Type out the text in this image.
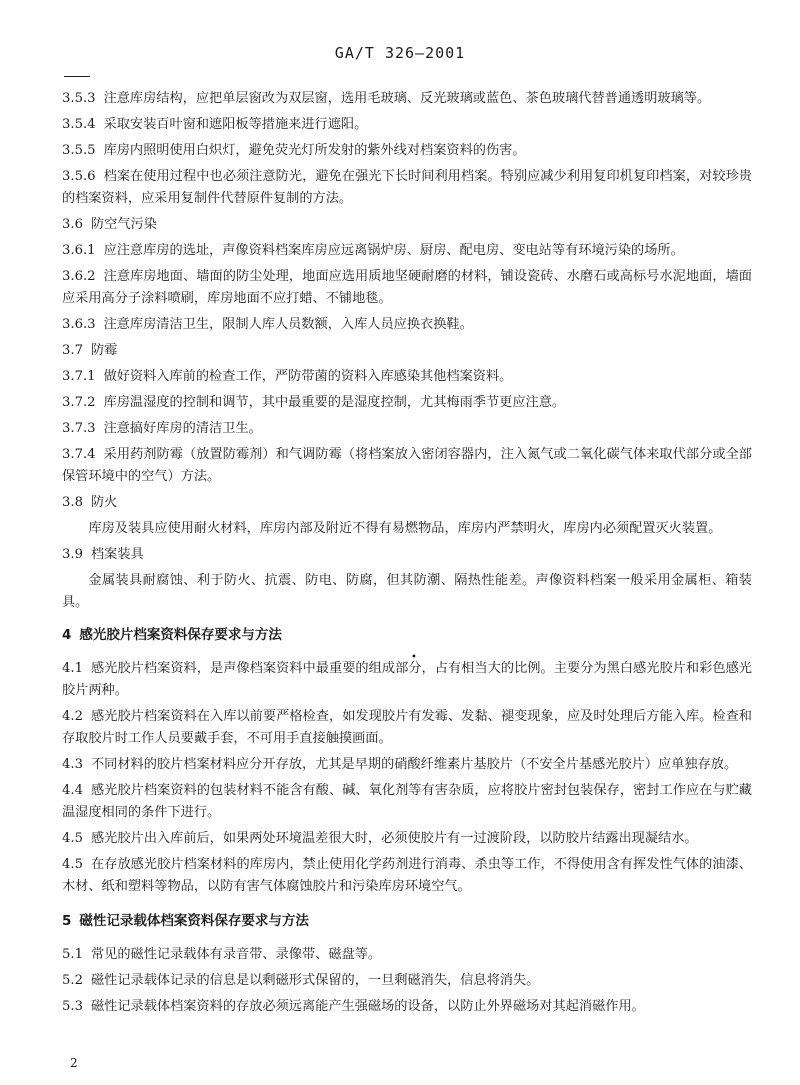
GA/T 326—2001

3.5.3 注意库房结构，应把单层窗改为双层窗，选用毛玻璃、反光玻璃或蓝色、茶色玻璃代替普通透明玻璃等。

3.5.4 采取安装百叶窗和遮阳板等措施来进行遮阳。

3.5.5 库房内照明使用白炽灯，避免荧光灯所发射的紫外线对档案资料的伤害。

3.5.6 档案在使用过程中也必须注意防光，避免在强光下长时间利用档案。特别应减少利用复印机复印档案，对较珍贵的档案资料，应采用复制件代替原件复制的方法。

3.6 防空气污染

3.6.1 应注意库房的选址，声像资料档案库房应远离锅炉房、厨房、配电房、变电站等有环境污染的场所。

3.6.2 注意库房地面、墙面的防尘处理，地面应选用质地坚硬耐磨的材料，铺设瓷砖、水磨石或高标号水泥地面，墙面应采用高分子涂料喷刷，库房地面不应打蜡、不铺地毯。

3.6.3 注意库房清洁卫生，限制人库人员数额，入库人员应换衣换鞋。

3.7 防霉

3.7.1 做好资料入库前的检查工作，严防带菌的资料入库感染其他档案资料。

3.7.2 库房温湿度的控制和调节，其中最重要的是湿度控制，尤其梅雨季节更应注意。

3.7.3 注意搞好库房的清洁卫生。

3.7.4 采用药剂防霉（放置防霉剂）和气调防霉（将档案放入密闭容器内，注入氮气或二氧化碳气体来取代部分或全部保管环境中的空气）方法。

3.8 防火

库房及装具应使用耐火材料，库房内部及附近不得有易燃物品，库房内严禁明火，库房内必须配置灭火装置。

3.9 档案装具

金属装具耐腐蚀、利于防火、抗震、防电、防腐，但其防潮、隔热性能差。声像资料档案一般采用金属柜、箱装具。

4 感光胶片档案资料保存要求与方法

4.1 感光胶片档案资料，是声像档案资料中最重要的组成部分，占有相当大的比例。主要分为黑白感光胶片和彩色感光胶片两种。

4.2 感光胶片档案资料在入库以前要严格检查，如发现胶片有发霉、发黏、褪变现象，应及时处理后方能入库。检查和存取胶片时工作人员要戴手套，不可用手直接触摸画面。

4.3 不同材料的胶片档案材料应分开存放，尤其是早期的硝酸纤维素片基胶片（不安全片基感光胶片）应单独存放。

4.4 感光胶片档案资料的包装材料不能含有酸、碱、氧化剂等有害杂质，应将胶片密封包装保存，密封工作应在与贮藏温湿度相同的条件下进行。

4.5 感光胶片出入库前后，如果两处环境温差很大时，必须使胶片有一过渡阶段，以防胶片结露出现凝结水。

4.5 在存放感光胶片档案材料的库房内，禁止使用化学药剂进行消毒、杀虫等工作，不得使用含有挥发性气体的油漆、木材、纸和塑料等物品，以防有害气体腐蚀胶片和污染库房环境空气。

5 磁性记录载体档案资料保存要求与方法

5.1 常见的磁性记录载体有录音带、录像带、磁盘等。

5.2 磁性记录载体记录的信息是以剩磁形式保留的，一旦剩磁消失，信息将消失。

5.3 磁性记录载体档案资料的存放必须远离能产生强磁场的设备，以防止外界磁场对其起消磁作用。

•
2
